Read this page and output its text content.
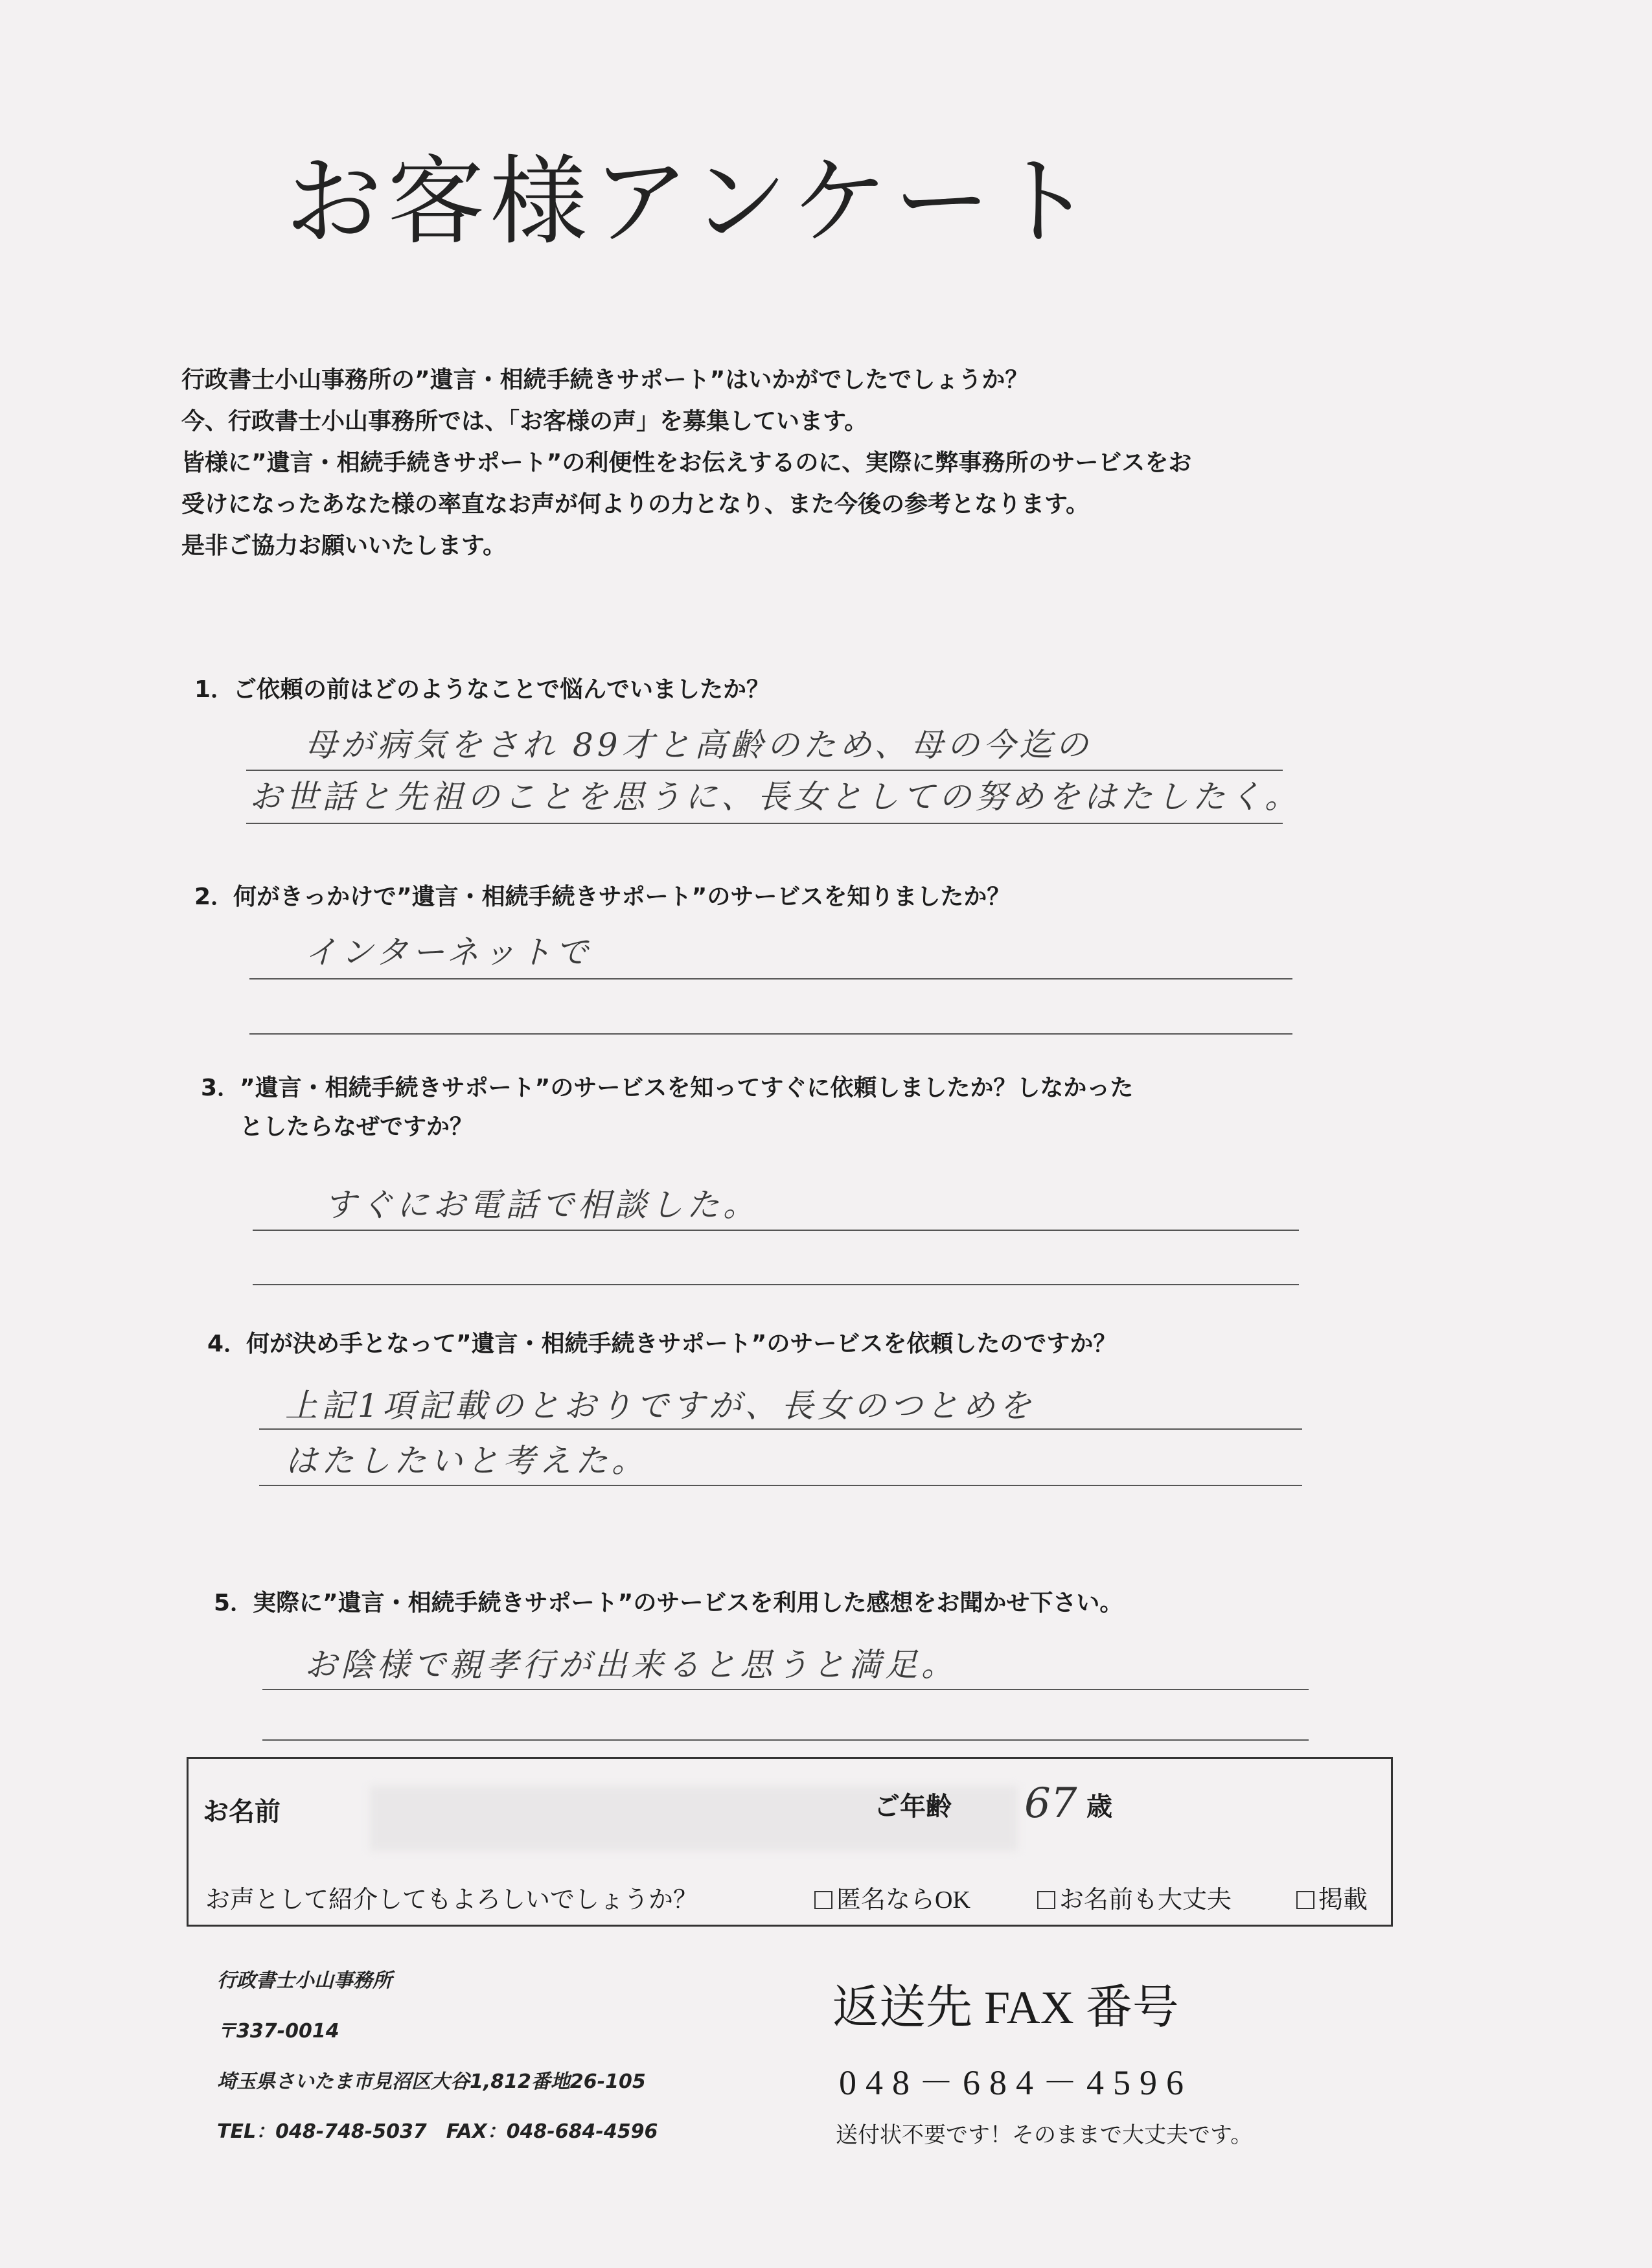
お客様アンケート
行政書士小山事務所の”遺言・相続手続きサポート”はいかがでしたでしょうか？
今、行政書士小山事務所では、「お客様の声」を募集しています。
皆様に”遺言・相続手続きサポート”の利便性をお伝えするのに、実際に弊事務所のサービスをお
受けになったあなた様の率直なお声が何よりの力となり、また今後の参考となります。
是非ご協力お願いいたします。
1．ご依頼の前はどのようなことで悩んでいましたか？
母が病気をされ 89才と高齢のため、母の今迄の
お世話と先祖のことを思うに、長女としての努めをはたしたく。
2．何がきっかけで”遺言・相続手続きサポート”のサービスを知りましたか？
インターネットで
3．”遺言・相続手続きサポート”のサービスを知ってすぐに依頼しましたか？しなかった
としたらなぜですか？
すぐにお電話で相談した。
4．何が決め手となって”遺言・相続手続きサポート”のサービスを依頼したのですか？
上記1項記載のとおりですが、長女のつとめを
はたしたいと考えた。
5．実際に”遺言・相続手続きサポート”のサービスを利用した感想をお聞かせ下さい。
お陰様で親孝行が出来ると思うと満足。
お名前	ご年齢 67 歳
お声として紹介してもよろしいでしょうか？	匿名ならOK	お名前も大丈夫	掲載
行政書士小山事務所
〒337-0014
埼玉県さいたま市見沼区大谷1,812番地26-105
TEL：048-748-5037　FAX：048-684-4596
返送先 FAX 番号
048－684－4596
送付状不要です！そのままで大丈夫です。
